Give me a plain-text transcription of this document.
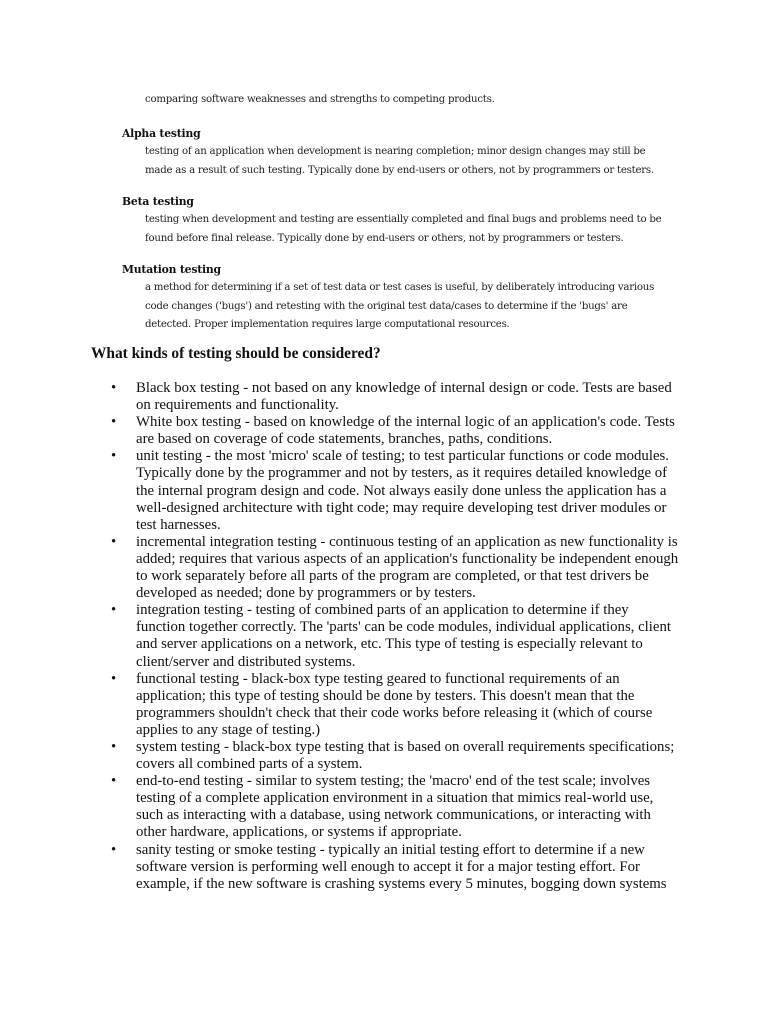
comparing software weaknesses and strengths to competing products.
Alpha testing
testing of an application when development is nearing completion; minor design changes may still be made as a result of such testing. Typically done by end-users or others, not by programmers or testers.
Beta testing
testing when development and testing are essentially completed and final bugs and problems need to be found before final release. Typically done by end-users or others, not by programmers or testers.
Mutation testing
a method for determining if a set of test data or test cases is useful, by deliberately introducing various code changes ('bugs') and retesting with the original test data/cases to determine if the 'bugs' are detected. Proper implementation requires large computational resources.
What kinds of testing should be considered?
• Black box testing - not based on any knowledge of internal design or code. Tests are based on requirements and functionality.
• White box testing - based on knowledge of the internal logic of an application's code. Tests are based on coverage of code statements, branches, paths, conditions.
• unit testing - the most 'micro' scale of testing; to test particular functions or code modules. Typically done by the programmer and not by testers, as it requires detailed knowledge of the internal program design and code. Not always easily done unless the application has a well-designed architecture with tight code; may require developing test driver modules or test harnesses.
• incremental integration testing - continuous testing of an application as new functionality is added; requires that various aspects of an application's functionality be independent enough to work separately before all parts of the program are completed, or that test drivers be developed as needed; done by programmers or by testers.
• integration testing - testing of combined parts of an application to determine if they function together correctly. The 'parts' can be code modules, individual applications, client and server applications on a network, etc. This type of testing is especially relevant to client/server and distributed systems.
• functional testing - black-box type testing geared to functional requirements of an application; this type of testing should be done by testers. This doesn't mean that the programmers shouldn't check that their code works before releasing it (which of course applies to any stage of testing.)
• system testing - black-box type testing that is based on overall requirements specifications; covers all combined parts of a system.
• end-to-end testing - similar to system testing; the 'macro' end of the test scale; involves testing of a complete application environment in a situation that mimics real-world use, such as interacting with a database, using network communications, or interacting with other hardware, applications, or systems if appropriate.
• sanity testing or smoke testing - typically an initial testing effort to determine if a new software version is performing well enough to accept it for a major testing effort. For example, if the new software is crashing systems every 5 minutes, bogging down systems
